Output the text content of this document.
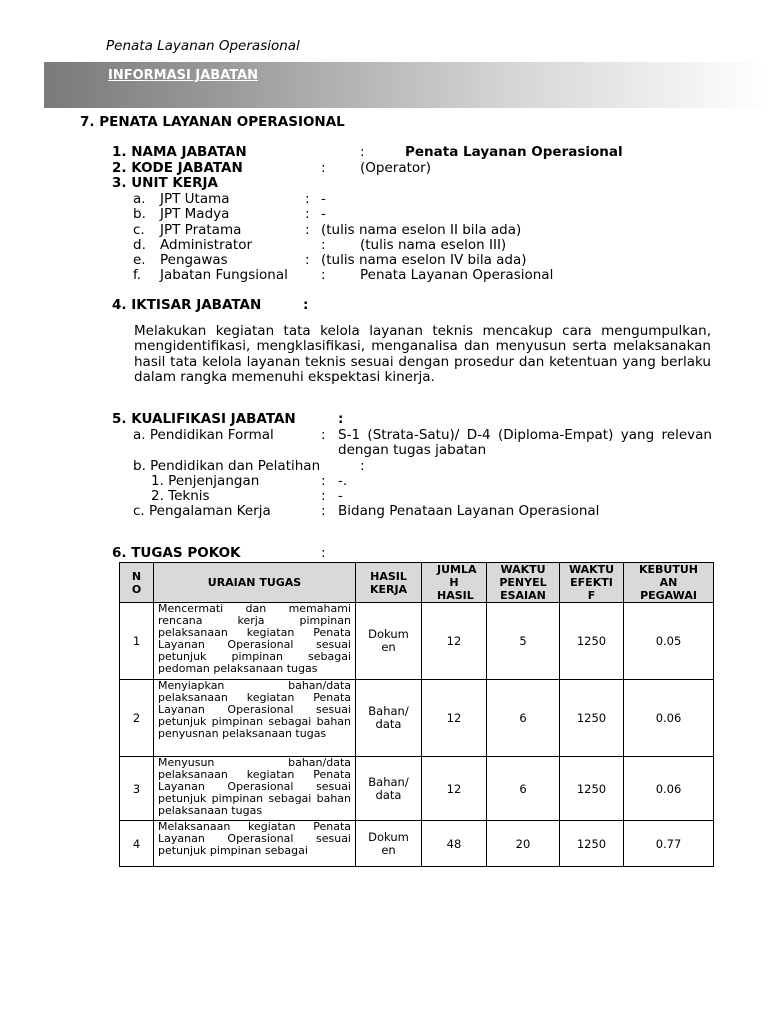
Penata Layanan Operasional
INFORMASI JABATAN
7. PENATA LAYANAN OPERASIONAL
1. NAMA JABATAN	:	Penata Layanan Operasional
2. KODE JABATAN	:	(Operator)
3. UNIT KERJA
a. JPT Utama	: -
b. JPT Madya	: -
c. JPT Pratama	: (tulis nama eselon II bila ada)
d. Administrator	:	(tulis nama eselon III)
e. Pengawas	: (tulis nama eselon IV bila ada)
f. Jabatan Fungsional :	Penata Layanan Operasional
4. IKTISAR JABATAN	:
Melakukan kegiatan tata kelola layanan teknis mencakup cara mengumpulkan, mengidentifikasi, mengklasifikasi, menganalisa dan menyusun serta melaksanakan hasil tata kelola layanan teknis sesuai dengan prosedur dan ketentuan yang berlaku dalam rangka memenuhi ekspektasi kinerja.
5. KUALIFIKASI JABATAN	:
a. Pendidikan Formal	: S-1 (Strata-Satu)/ D-4 (Diploma-Empat) yang relevan dengan tugas jabatan
b. Pendidikan dan Pelatihan	:
1. Penjenjangan	: -.
2. Teknis	: -
c. Pengalaman Kerja	: Bidang Penataan Layanan Operasional
6. TUGAS POKOK	:
N O	URAIAN TUGAS	HASIL KERJA	JUMLA H HASIL	WAKTU PENYEL ESAIAN	WAKTU EFEKTI F	KEBUTUH AN PEGAWAI
1	Mencermati dan memahami rencana kerja pimpinan pelaksanaan kegiatan Penata Layanan Operasional sesuai petunjuk pimpinan sebagai pedoman pelaksanaan tugas	Dokumen	12	5	1250	0.05
2	Menyiapkan bahan/data pelaksanaan kegiatan Penata Layanan Operasional sesuai petunjuk pimpinan sebagai bahan penyusnan pelaksanaan tugas	Bahan/ data	12	6	1250	0.06
3	Menyusun bahan/data pelaksanaan kegiatan Penata Layanan Operasional sesuai petunjuk pimpinan sebagai bahan pelaksanaan tugas	Bahan/ data	12	6	1250	0.06
4	Melaksanaan kegiatan Penata Layanan Operasional sesuai petunjuk pimpinan sebagai	Dokumen	48	20	1250	0.77
